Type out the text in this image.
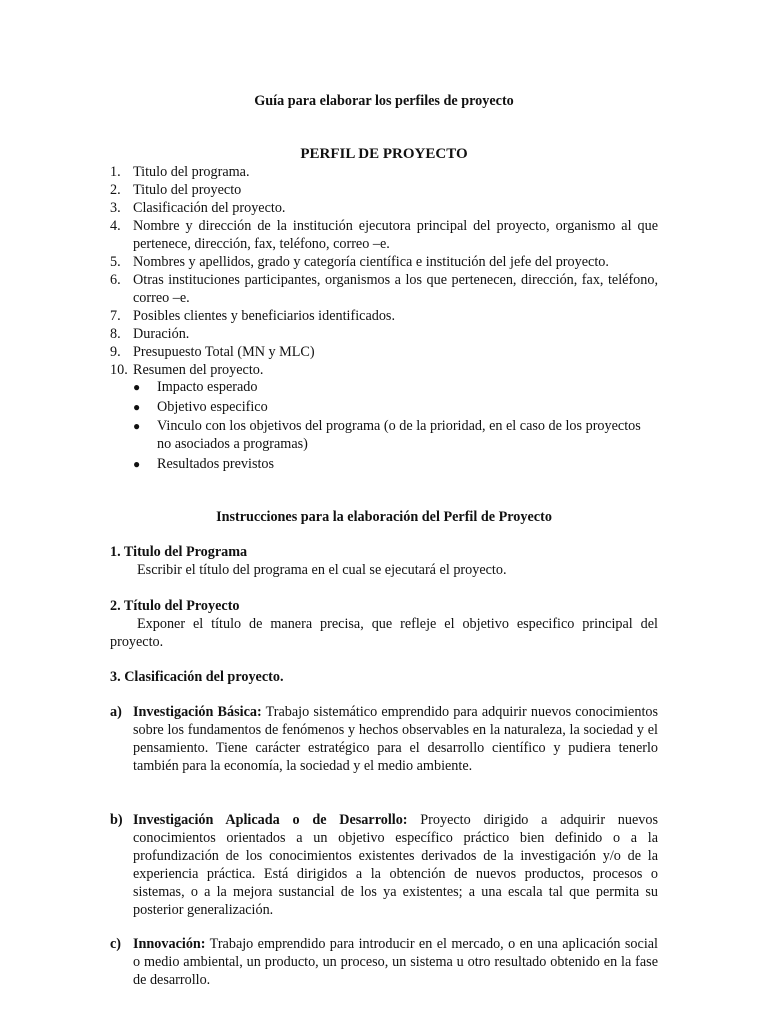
Guía para elaborar los perfiles de proyecto
PERFIL DE PROYECTO
1. Titulo del programa.
2. Titulo del proyecto
3. Clasificación del proyecto.
4. Nombre y dirección de la institución ejecutora principal del proyecto, organismo al que pertenece, dirección, fax, teléfono, correo –e.
5. Nombres y apellidos, grado y categoría científica e institución del jefe del proyecto.
6. Otras instituciones participantes, organismos a los que pertenecen, dirección, fax, teléfono, correo –e.
7. Posibles clientes y beneficiarios identificados.
8. Duración.
9. Presupuesto Total (MN y MLC)
10. Resumen del proyecto.
●	Impacto esperado
●	Objetivo especifico
●	Vinculo con los objetivos del programa (o de la prioridad, en el caso de los proyectos no asociados a programas)
●	Resultados previstos
Instrucciones para la elaboración del Perfil de Proyecto
1. Titulo del Programa
Escribir el título del programa en el cual se ejecutará el proyecto.
2. Título del Proyecto
Exponer el título de manera precisa, que refleje el objetivo especifico principal del proyecto.
3. Clasificación del proyecto.
a) Investigación Básica: Trabajo sistemático emprendido para adquirir nuevos conocimientos sobre los fundamentos de fenómenos y hechos observables en la naturaleza, la sociedad y el pensamiento. Tiene carácter estratégico para el desarrollo científico y pudiera tenerlo también para la economía, la sociedad y el medio ambiente.
b) Investigación Aplicada o de Desarrollo: Proyecto dirigido a adquirir nuevos conocimientos orientados a un objetivo específico práctico bien definido o a la profundización de los conocimientos existentes derivados de la investigación y/o de la experiencia práctica. Está dirigidos a la obtención de nuevos productos, procesos o sistemas, o a la mejora sustancial de los ya existentes; a una escala tal que permita su posterior generalización.
c) Innovación: Trabajo emprendido para introducir en el mercado, o en una aplicación social o medio ambiental, un producto, un proceso, un sistema u otro resultado obtenido en la fase de desarrollo.
